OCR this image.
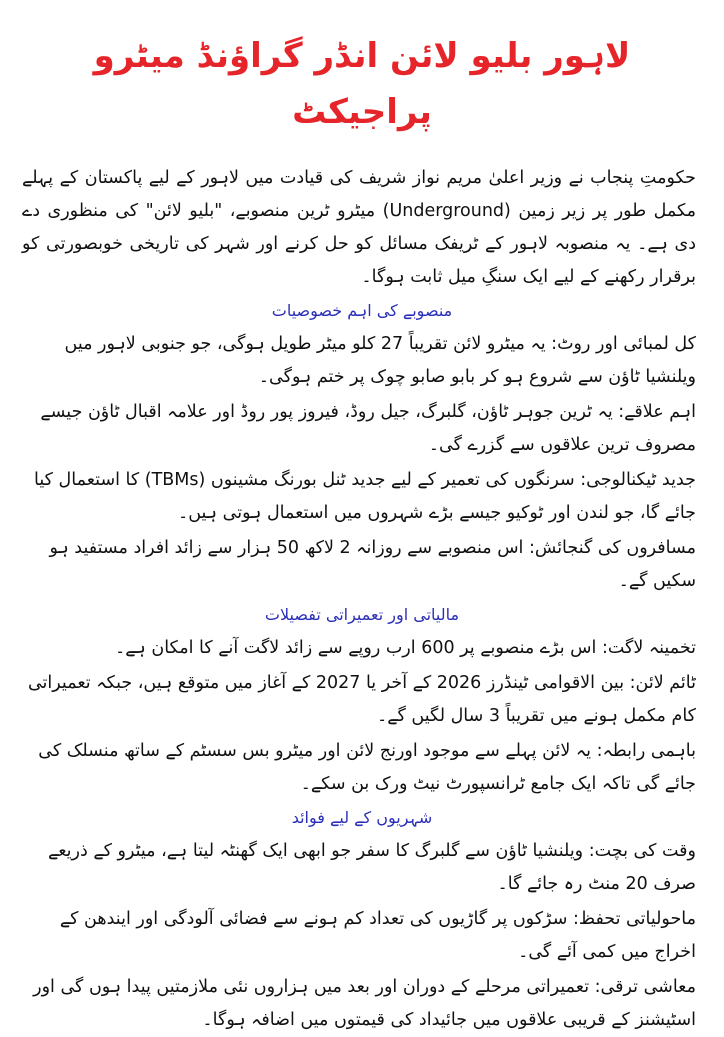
لاہور بلیو لائن انڈر گراؤنڈ میٹرو پراجیکٹ
حکومتِ پنجاب نے وزیر اعلیٰ مریم نواز شریف کی قیادت میں لاہور کے لیے پاکستان کے پہلے مکمل طور پر زیر زمین (Underground) میٹرو ٹرین منصوبے، "بلیو لائن" کی منظوری دے دی ہے۔ یہ منصوبہ لاہور کے ٹریفک مسائل کو حل کرنے اور شہر کی تاریخی خوبصورتی کو برقرار رکھنے کے لیے ایک سنگِ میل ثابت ہوگا۔
منصوبے کی اہم خصوصیات
کل لمبائی اور روٹ: یہ میٹرو لائن تقریباً 27 کلو میٹر طویل ہوگی، جو جنوبی لاہور میں ویلنشیا ٹاؤن سے شروع ہو کر بابو صابو چوک پر ختم ہوگی۔
اہم علاقے: یہ ٹرین جوہر ٹاؤن، گلبرگ، جیل روڈ، فیروز پور روڈ اور علامہ اقبال ٹاؤن جیسے مصروف ترین علاقوں سے گزرے گی۔
جدید ٹیکنالوجی: سرنگوں کی تعمیر کے لیے جدید ٹنل بورنگ مشینوں (TBMs) کا استعمال کیا جائے گا، جو لندن اور ٹوکیو جیسے بڑے شہروں میں استعمال ہوتی ہیں۔
مسافروں کی گنجائش: اس منصوبے سے روزانہ 2 لاکھ 50 ہزار سے زائد افراد مستفید ہو سکیں گے۔
مالیاتی اور تعمیراتی تفصیلات
تخمینہ لاگت: اس بڑے منصوبے پر 600 ارب روپے سے زائد لاگت آنے کا امکان ہے۔
ٹائم لائن: بین الاقوامی ٹینڈرز 2026 کے آخر یا 2027 کے آغاز میں متوقع ہیں، جبکہ تعمیراتی کام مکمل ہونے میں تقریباً 3 سال لگیں گے۔
باہمی رابطہ: یہ لائن پہلے سے موجود اورنج لائن اور میٹرو بس سسٹم کے ساتھ منسلک کی جائے گی تاکہ ایک جامع ٹرانسپورٹ نیٹ ورک بن سکے۔
شہریوں کے لیے فوائد
وقت کی بچت: ویلنشیا ٹاؤن سے گلبرگ کا سفر جو ابھی ایک گھنٹہ لیتا ہے، میٹرو کے ذریعے صرف 20 منٹ رہ جائے گا۔
ماحولیاتی تحفظ: سڑکوں پر گاڑیوں کی تعداد کم ہونے سے فضائی آلودگی اور ایندھن کے اخراج میں کمی آئے گی۔
معاشی ترقی: تعمیراتی مرحلے کے دوران اور بعد میں ہزاروں نئی ملازمتیں پیدا ہوں گی اور اسٹیشنز کے قریبی علاقوں میں جائیداد کی قیمتوں میں اضافہ ہوگا۔
